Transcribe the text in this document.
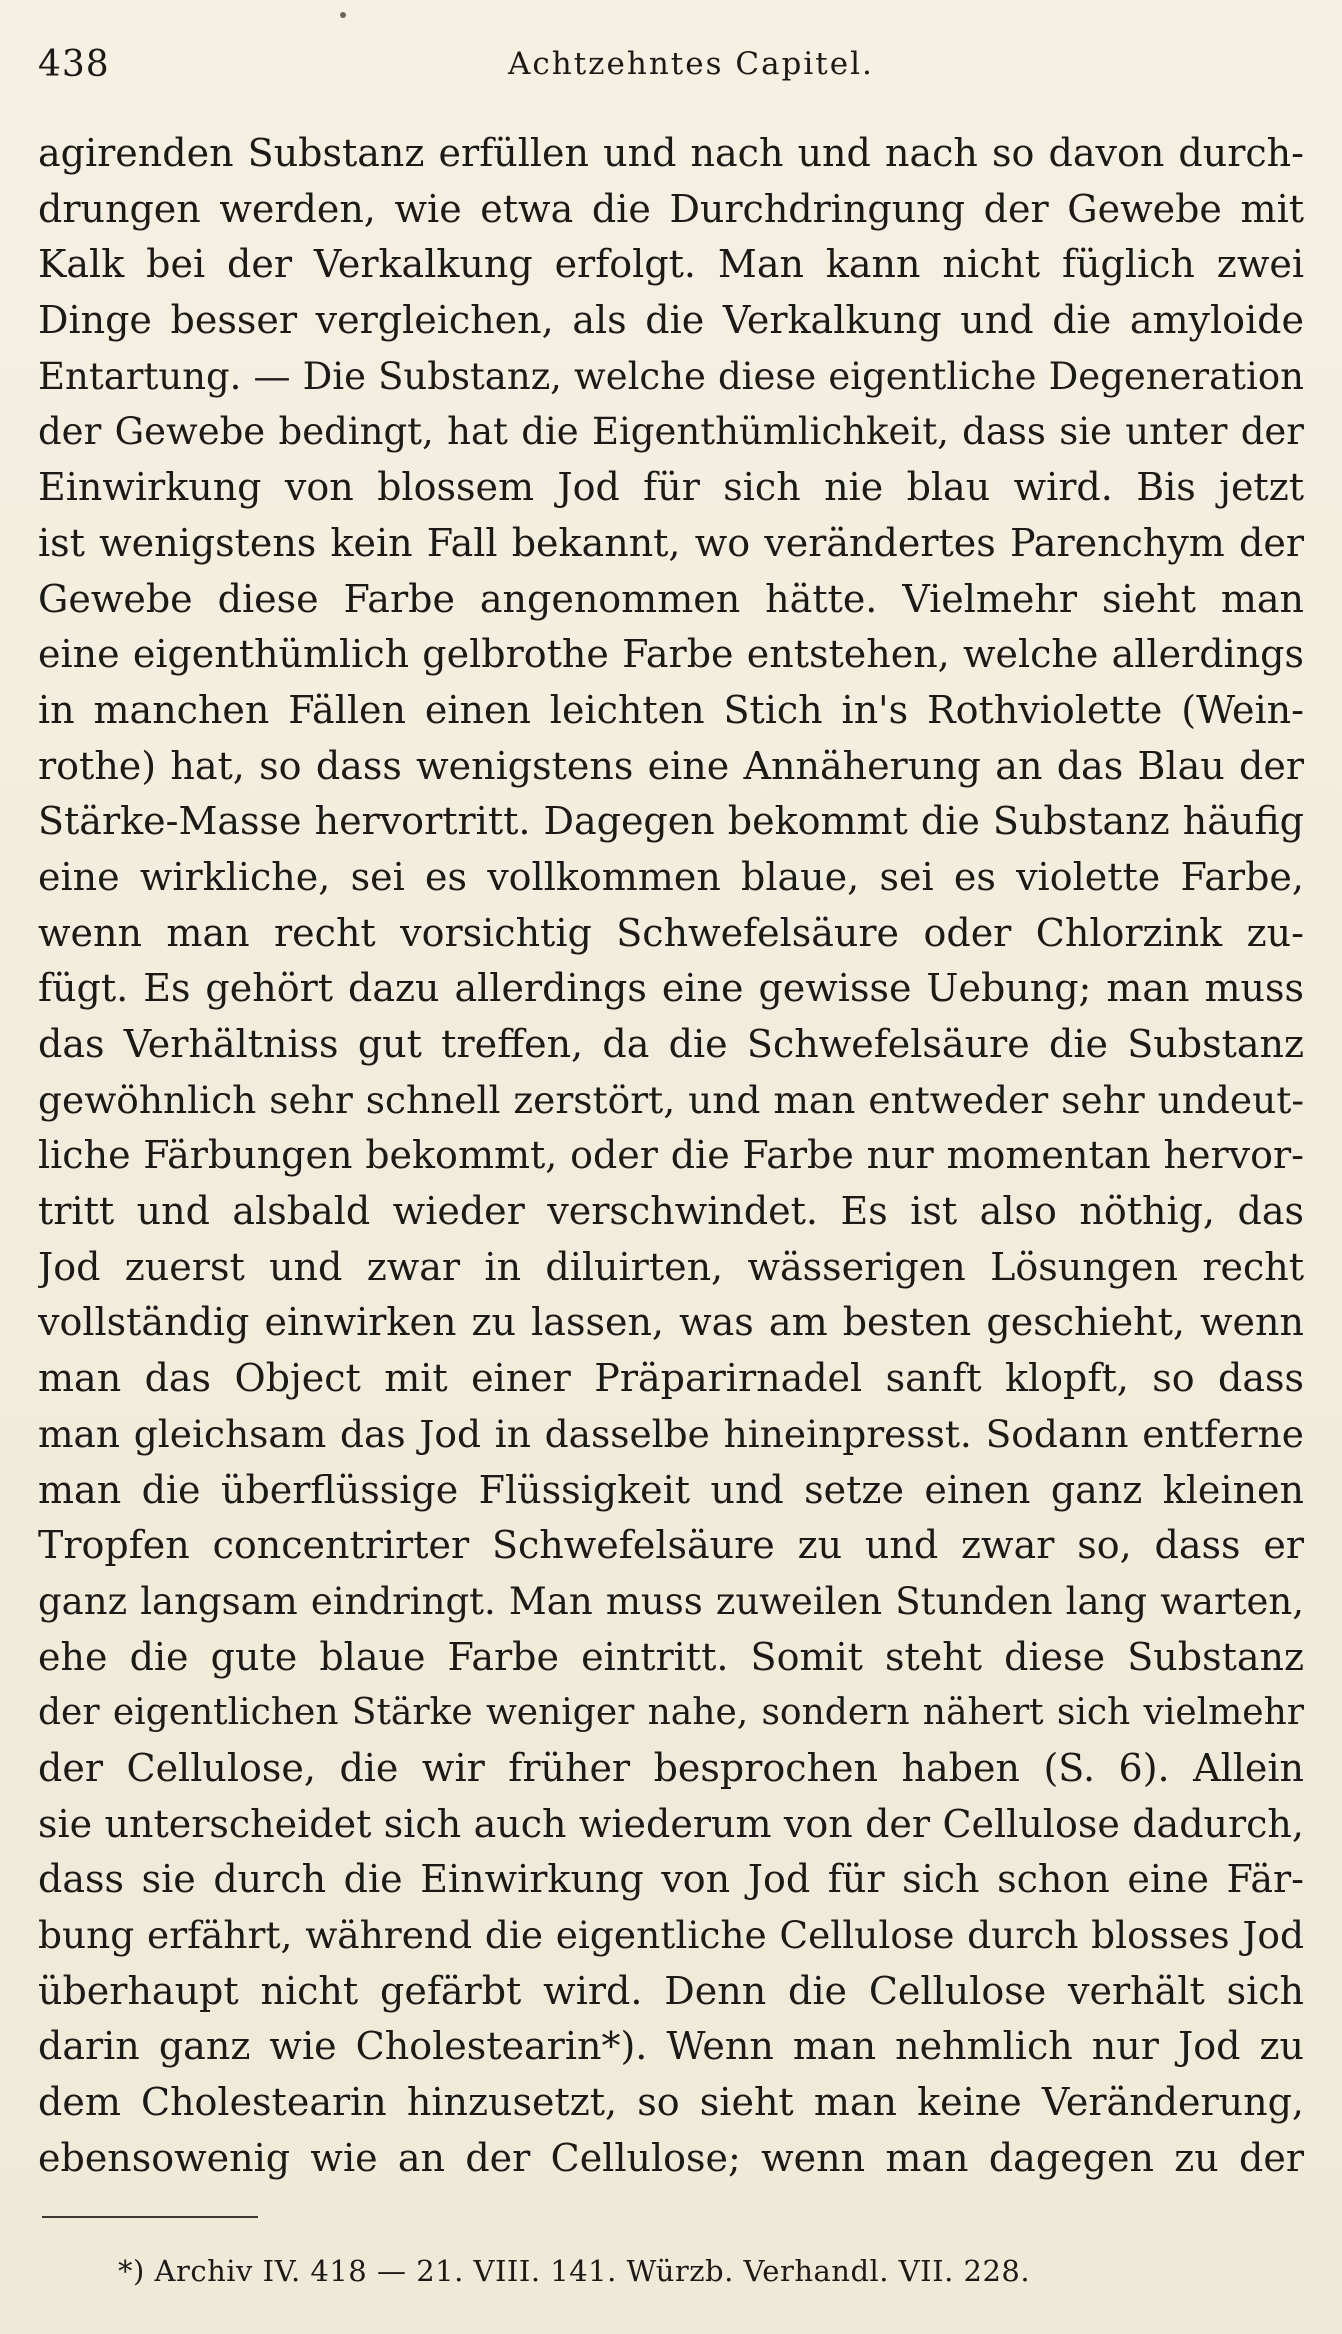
438	Achtzehntes Capitel.
agirenden Substanz erfüllen und nach und nach so davon durch-
drungen werden, wie etwa die Durchdringung der Gewebe mit
Kalk bei der Verkalkung erfolgt. Man kann nicht füglich zwei
Dinge besser vergleichen, als die Verkalkung und die amyloide
Entartung. — Die Substanz, welche diese eigentliche Degeneration
der Gewebe bedingt, hat die Eigenthümlichkeit, dass sie unter der
Einwirkung von blossem Jod für sich nie blau wird. Bis jetzt
ist wenigstens kein Fall bekannt, wo verändertes Parenchym der
Gewebe diese Farbe angenommen hätte. Vielmehr sieht man
eine eigenthümlich gelbrothe Farbe entstehen, welche allerdings
in manchen Fällen einen leichten Stich in's Rothviolette (Wein-
rothe) hat, so dass wenigstens eine Annäherung an das Blau der
Stärke-Masse hervortritt. Dagegen bekommt die Substanz häufig
eine wirkliche, sei es vollkommen blaue, sei es violette Farbe,
wenn man recht vorsichtig Schwefelsäure oder Chlorzink zu-
fügt. Es gehört dazu allerdings eine gewisse Uebung; man muss
das Verhältniss gut treffen, da die Schwefelsäure die Substanz
gewöhnlich sehr schnell zerstört, und man entweder sehr undeut-
liche Färbungen bekommt, oder die Farbe nur momentan hervor-
tritt und alsbald wieder verschwindet. Es ist also nöthig, das
Jod zuerst und zwar in diluirten, wässerigen Lösungen recht
vollständig einwirken zu lassen, was am besten geschieht, wenn
man das Object mit einer Präparirnadel sanft klopft, so dass
man gleichsam das Jod in dasselbe hineinpresst. Sodann entferne
man die überflüssige Flüssigkeit und setze einen ganz kleinen
Tropfen concentrirter Schwefelsäure zu und zwar so, dass er
ganz langsam eindringt. Man muss zuweilen Stunden lang warten,
ehe die gute blaue Farbe eintritt. Somit steht diese Substanz
der eigentlichen Stärke weniger nahe, sondern nähert sich vielmehr
der Cellulose, die wir früher besprochen haben (S. 6). Allein
sie unterscheidet sich auch wiederum von der Cellulose dadurch,
dass sie durch die Einwirkung von Jod für sich schon eine Fär-
bung erfährt, während die eigentliche Cellulose durch blosses Jod
überhaupt nicht gefärbt wird. Denn die Cellulose verhält sich
darin ganz wie Cholestearin*). Wenn man nehmlich nur Jod zu
dem Cholestearin hinzusetzt, so sieht man keine Veränderung,
ebensowenig wie an der Cellulose; wenn man dagegen zu der
*) Archiv IV. 418 — 21. VIII. 141. Würzb. Verhandl. VII. 228.
